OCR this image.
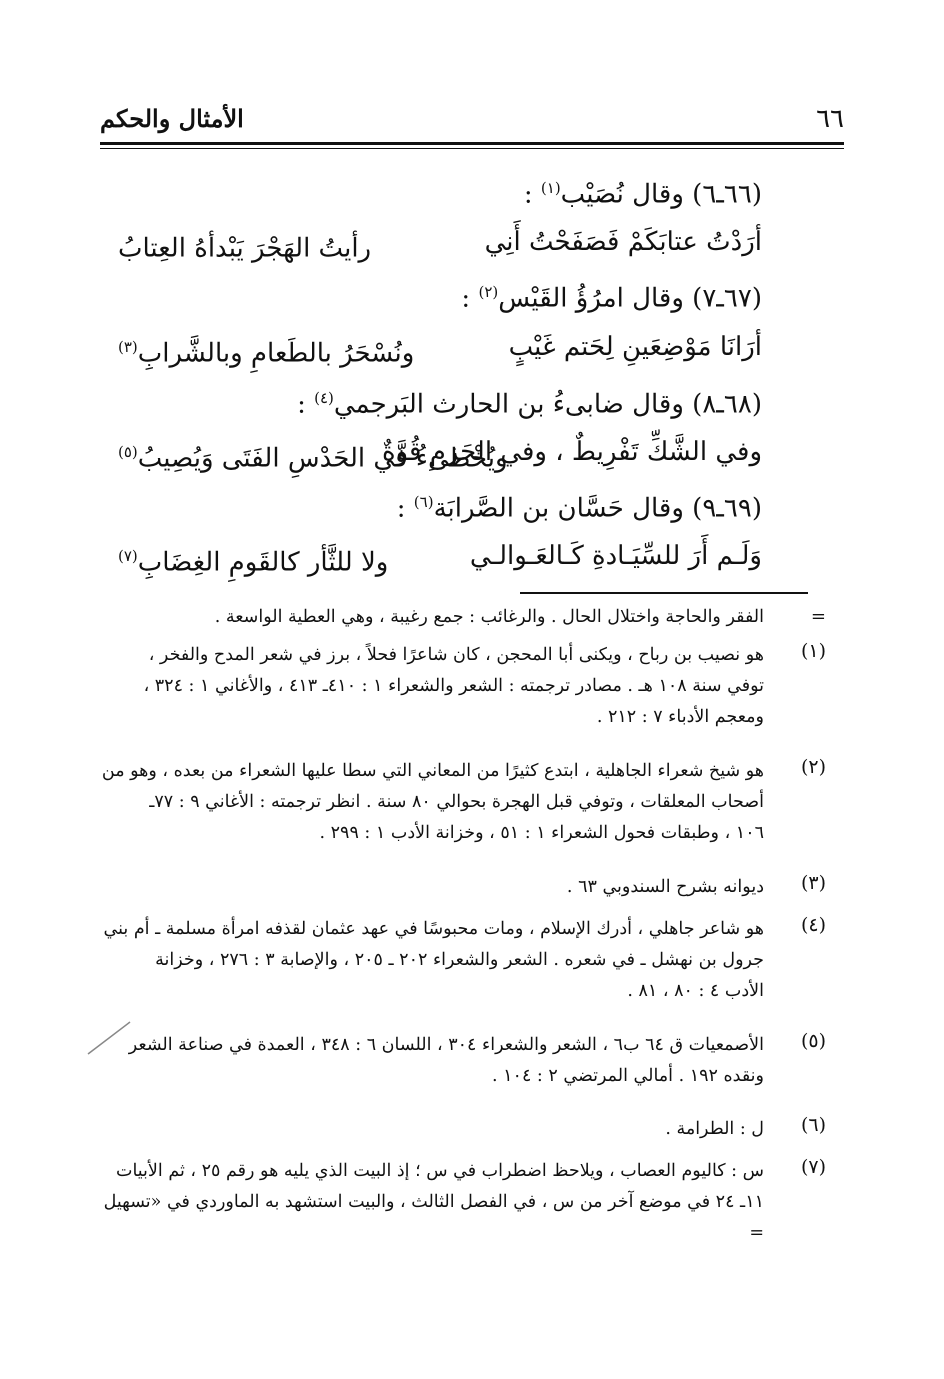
٦٦
الأمثال والحكم
(٦٦ـ٦) وقال نُصَيْب$^{(١)}$ :
أرَدْتُ عتابَكَمْ فَصَفَحْتُ أَنِي
رأيتُ الهَجْرَ يَبْدأهُ العِتابُ
(٦٧ـ٧) وقال امرُؤُ القَيْس$^{(٢)}$ :
أرَانَا مَوْضِعَينِ لِحَتم غَيْبٍ
ونُسْحَرُ بالطَعامِ وبالشَّرابِ$^{(٣)}$
(٦٨ـ٨) وقال ضابىءُ بن الحارث البَرجمي$^{(٤)}$ :
وفي الشَّكِّ تَفْرِيطٌ ، وفي الحَزمِ قُوَّةٌ
ويُخْطىءُ في الحَدْسِ الفَتَى وَيُصِيبُ$^{(٥)}$
(٦٩ـ٩) وقال حَسَّان بن الصَّرابَة$^{(٦)}$ :
وَلَـم أَرَ للسِّيَـادةِ كَـالعَـوالـي
ولا للثَّأر كالقَومِ الغِضَابِ$^{(٧)}$
=
الفقر والحاجة واختلال الحال . والرغائب : جمع رغيبة ، وهي العطية الواسعة .
(١)
هو نصيب بن رباح ، ويكنى أبا المحجن ، كان شاعرًا فحلاً ، برز في شعر المدح والفخر ،
توفي سنة ١٠٨ هـ . مصادر ترجمته : الشعر والشعراء ١ : ٤١٠ـ ٤١٣ ، والأغاني ١ : ٣٢٤ ،
ومعجم الأدباء ٧ : ٢١٢ .
(٢)
هو شيخ شعراء الجاهلية ، ابتدع كثيرًا من المعاني التي سطا عليها الشعراء من بعده ، وهو من
أصحاب المعلقات ، وتوفي قبل الهجرة بحوالي ٨٠ سنة . انظر ترجمته : الأغاني ٩ : ٧٧ـ
١٠٦ ، وطبقات فحول الشعراء ١ : ٥١ ، وخزانة الأدب ١ : ٢٩٩ .
(٣)
ديوانه بشرح السندوبي ٦٣ .
(٤)
هو شاعر جاهلي ، أدرك الإسلام ، ومات محبوسًا في عهد عثمان لقذفه امرأة مسلمة ـ أم بني
جرول بن نهشل ـ في شعره . الشعر والشعراء ٢٠٢ ـ ٢٠٥ ، والإصابة ٣ : ٢٧٦ ، وخزانة
الأدب ٤ : ٨٠ ، ٨١ .
(٥)
الأصمعيات ق ٦٤ ب٦ ، الشعر والشعراء ٣٠٤ ، اللسان ٦ : ٣٤٨ ، العمدة في صناعة الشعر
ونقده ١٩٢ . أمالي المرتضي ٢ : ١٠٤ .
(٦)
ل : الطرامة .
(٧)
س : كاليوم العصاب ، ويلاحظ اضطراب في س ؛ إذ البيت الذي يليه هو رقم ٢٥ ، ثم الأبيات
١١ـ ٢٤ في موضع آخر من س ، في الفصل الثالث ، والبيت استشهد به الماوردي في «تسهيل =
